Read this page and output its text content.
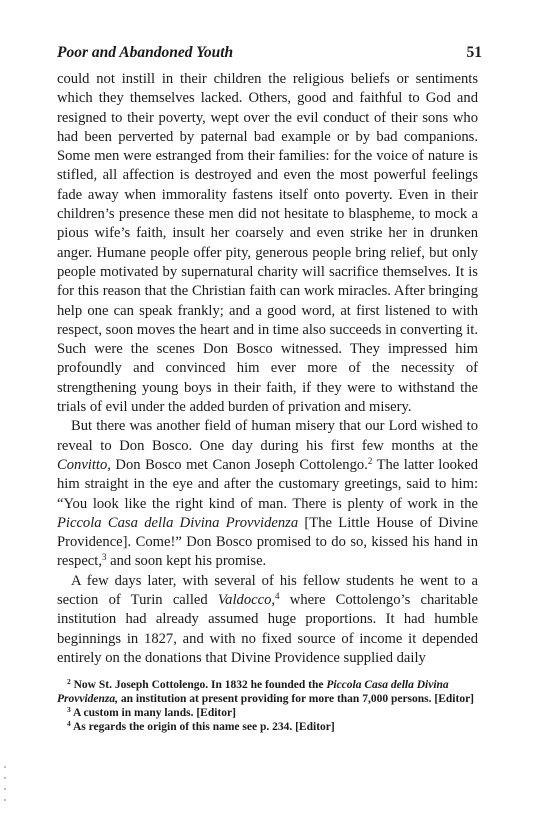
Poor and Abandoned Youth	51

could not instill in their children the religious beliefs or sentiments which they themselves lacked. Others, good and faithful to God and resigned to their poverty, wept over the evil conduct of their sons who had been perverted by paternal bad example or by bad companions. Some men were estranged from their families: for the voice of nature is stifled, all affection is destroyed and even the most powerful feelings fade away when immorality fastens itself onto poverty. Even in their children’s presence these men did not hesitate to blaspheme, to mock a pious wife’s faith, insult her coarsely and even strike her in drunken anger. Humane people offer pity, generous people bring relief, but only people motivated by supernatural charity will sacrifice themselves. It is for this reason that the Christian faith can work miracles. After bringing help one can speak frankly; and a good word, at first listened to with respect, soon moves the heart and in time also succeeds in converting it. Such were the scenes Don Bosco witnessed. They impressed him profoundly and convinced him ever more of the necessity of strengthening young boys in their faith, if they were to withstand the trials of evil under the added burden of privation and misery.

But there was another field of human misery that our Lord wished to reveal to Don Bosco. One day during his first few months at the Convitto, Don Bosco met Canon Joseph Cottolengo.$^2$ The latter looked him straight in the eye and after the customary greetings, said to him: “You look like the right kind of man. There is plenty of work in the Piccola Casa della Divina Provvidenza [The Little House of Divine Providence]. Come!” Don Bosco promised to do so, kissed his hand in respect,$^3$ and soon kept his promise.

A few days later, with several of his fellow students he went to a section of Turin called Valdocco,$^4$ where Cottolengo’s charitable institution had already assumed huge proportions. It had humble beginnings in 1827, and with no fixed source of income it depended entirely on the donations that Divine Providence supplied daily

$^2$ Now St. Joseph Cottolengo. In 1832 he founded the Piccola Casa della Divina Provvidenza, an institution at present providing for more than 7,000 persons. [Editor]

$^3$ A custom in many lands. [Editor]

$^4$ As regards the origin of this name see p. 234. [Editor]
